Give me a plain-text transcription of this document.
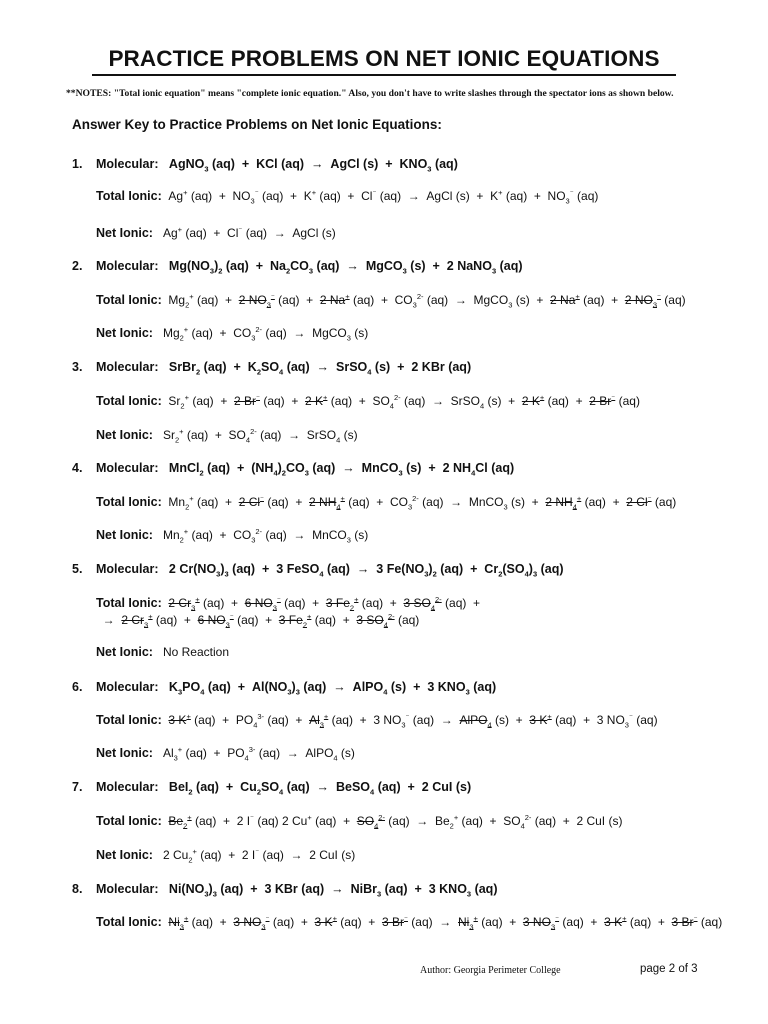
PRACTICE PROBLEMS ON NET IONIC EQUATIONS
**NOTES: "Total ionic equation" means "complete ionic equation." Also, you don't have to write slashes through the spectator ions as shown below.
Answer Key to Practice Problems on Net Ionic Equations:
1. Molecular:   AgNO$_3$ (aq)  +  KCl (aq)  →  AgCl $(s) + KNO_3$ (aq)
Total Ionic:  Ag+ $(aq) + NO_3^{^-}$ (aq)  +  K+ (aq)  +  Cl⁻ (aq)  →  AgCl (s)  +  K+ $(aq) + NO_3^{^-}$ (aq)
Net Ionic:   Ag+ (aq)  +  Cl⁻ (aq)  →  AgCl (s)
2. Molecular:   $Mg(NO_3)_2$ $(aq) + Na_2CO_3$ (aq)  →  MgCO$_3$ (s)  +  2 NaNO$_3$ (aq)
Total Ionic:  $Mg_2^+$ (aq)  +  2 $NO_3^{^-}$ (aq)  +  2 Na+ $(aq) + CO_3^{2-}$ (aq)  →  MgCO$_3$ (s)  +  2 Na+ (aq)  +  2 $NO_3^{^-}$ (aq)
Net Ionic:   $Mg_2^+$ $(aq) + CO_3^{2-}$ (aq)  →  MgCO$_3$ (s)
3. Molecular:   SrBr$_2$ $(aq) + K_2SO_4$ (aq)  →  SrSO$_4$ (s)  +  2 KBr (aq)
Total Ionic:  $Sr_2^+$ (aq)  +  2 Br⁻ (aq)  +  2 K+ $(aq) + SO_4^{2-}$ (aq)  →  SrSO$_4$ (s)  +  2 K+ (aq)  +  2 Br⁻ (aq)
Net Ionic:   $Sr_2^+$ $(aq) + SO_4^{2-}$ (aq)  →  SrSO$_4$ (s)
4. Molecular:   MnCl$_2$ $(aq) + (NH_4)_2CO_3$ (aq)  →  MnCO$_3$ (s)  +  2 $NH_4Cl$ (aq)
Total Ionic:  $Mn_2^+$ (aq)  +  2 Cl⁻ (aq)  +  2 $NH_4^+$ $(aq) + CO_3^{2-}$ (aq)  →  MnCO$_3$ (s)  +  2 $NH_4^+$ (aq)  +  2 Cl⁻ (aq)
Net Ionic:   $Mn_2^+$ $(aq) + CO_3^{2-}$ (aq)  →  MnCO$_3$ (s)
5. Molecular:   2 $Cr(NO_3)_3$ (aq)  +  3 FeSO$_4$ (aq)  →  3 $Fe(NO_3)_2$ $(aq) + Cr_2(SO_4)_3$ (aq)
Total Ionic: 2 $Cr_3^+$ (aq)  +  6 $NO_3^{^-}$ (aq)  +  3 $Fe_2^+$ (aq)  +  3 $SO_4^{2-}$ (aq)  +
→  2 $Cr_3^+$ (aq)  +  6 $NO_3^{^-}$ (aq)  +  3 $Fe_2^+$ (aq)  +  3 $SO_4^{2-}$ (aq)
Net Ionic:   No Reaction
6. Molecular:   $K_3PO_4$ $(aq) + Al(NO_3)_3$ (aq)  →  AlPO$_4$ (s)  +  3 $KNO_3$ (aq)
Total Ionic: 3 K+ $(aq) + PO_4^{3-}$ $(aq) + Al_3^+$ (aq)  +  3 $NO_3^{^-}$ (aq)  →  AlPO$_4$ (s)  +  3 K+ (aq)  +  3 $NO_3^{^-}$ (aq)
Net Ionic:   $Al_3^+$ $(aq) + PO_4^{3-}$ (aq)  →  AlPO$_4$ (s)
7. Molecular:   BeI$_2$ $(aq) + Cu_2SO_4$ (aq)  →  BeSO$_4$ (aq)  +  2 CuI (s)
Total Ionic: $Be_2^+$ (aq)  +  2 I⁻ (aq) 2 Cu+ $(aq) + SO_4^{2-}$ $(aq) \to Be_2^+$ $(aq) + SO_4^{2-}$ (aq)  +  2 CuI (s)
Net Ionic:   2 $Cu_2^+$ (aq)  +  2 I⁻ (aq)  →  2 CuI (s)
8. Molecular:   $Ni(NO_3)_3$ (aq)  +  3 KBr (aq)  →  NiBr$_3$ (aq)  +  3 $KNO_3$ (aq)
Total Ionic: $Ni_3^+$ (aq)  +  3 $NO_3^{^-}$ (aq)  +  3 K+ (aq)  +  3 Br⁻ $(aq) \to Ni_3^+$ (aq)  +  3 $NO_3^{^-}$ (aq)  +  3 K+ (aq)  +  3 Br⁻ (aq)
Author: Georgia Perimeter College	page 2 of 3
